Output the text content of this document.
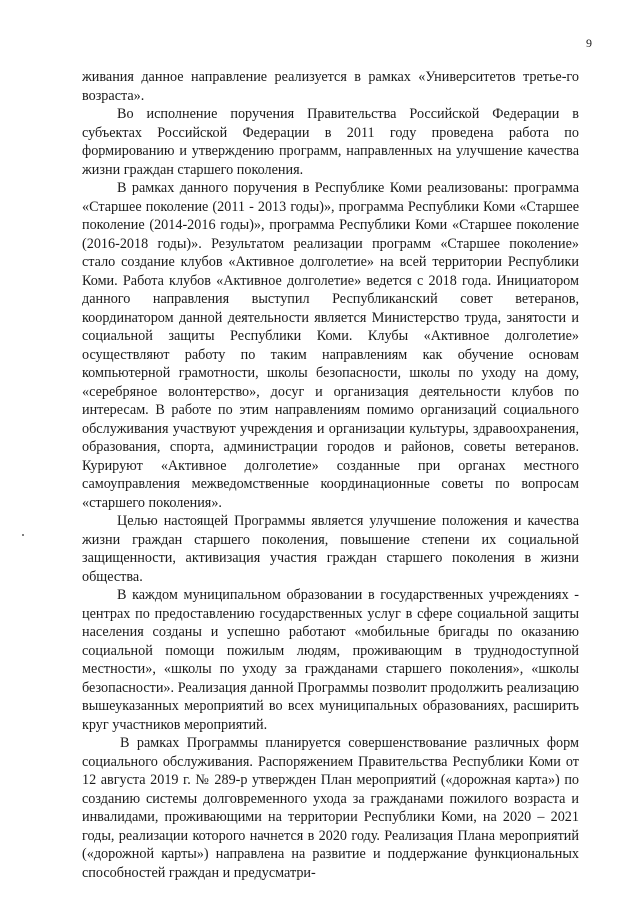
9

живания данное направление реализуется в рамках «Университетов третье-го возраста».

Во исполнение поручения Правительства Российской Федерации в субъектах Российской Федерации в 2011 году проведена работа по формированию и утверждению программ, направленных на улучшение качества жизни граждан старшего поколения.

В рамках данного поручения в Республике Коми реализованы: программа «Старшее поколение (2011 - 2013 годы)», программа Республики Коми «Старшее поколение (2014-2016 годы)», программа Республики Коми «Старшее поколение (2016-2018 годы)». Результатом реализации программ «Старшее поколение» стало создание клубов «Активное долголетие» на всей территории Республики Коми. Работа клубов «Активное долголетие» ведется с 2018 года. Инициатором данного направления выступил Республиканский совет ветеранов, координатором данной деятельности является Министерство труда, занятости и социальной защиты Республики Коми. Клубы «Активное долголетие» осуществляют работу по таким направлениям как обучение основам компьютерной грамотности, школы безопасности, школы по уходу на дому, «серебряное волонтерство», досуг и организация деятельности клубов по интересам. В работе по этим направлениям помимо организаций социального обслуживания участвуют учреждения и организации культуры, здравоохранения, образования, спорта, администрации городов и районов, советы ветеранов. Курируют «Активное долголетие» созданные при органах местного самоуправления межведомственные координационные советы по вопросам «старшего поколения».

Целью настоящей Программы является улучшение положения и качества жизни граждан старшего поколения, повышение степени их социальной защищенности, активизация участия граждан старшего поколения в жизни общества.

В каждом муниципальном образовании в государственных учреждениях - центрах по предоставлению государственных услуг в сфере социальной защиты населения созданы и успешно работают «мобильные бригады по оказанию социальной помощи пожилым людям, проживающим в труднодоступной местности», «школы по уходу за гражданами старшего поколения», «школы безопасности». Реализация данной Программы позволит продолжить реализацию вышеуказанных мероприятий во всех муниципальных образованиях, расширить круг участников мероприятий.

В рамках Программы планируется совершенствование различных форм социального обслуживания. Распоряжением Правительства Республики Коми от 12 августа 2019 г. № 289-р утвержден План мероприятий («дорожная карта») по созданию системы долговременного ухода за гражданами пожилого возраста и инвалидами, проживающими на территории Республики Коми, на 2020 – 2021 годы, реализации которого начнется в 2020 году. Реализация Плана мероприятий («дорожной карты») направлена на развитие и поддержание функциональных способностей граждан и предусматри-
